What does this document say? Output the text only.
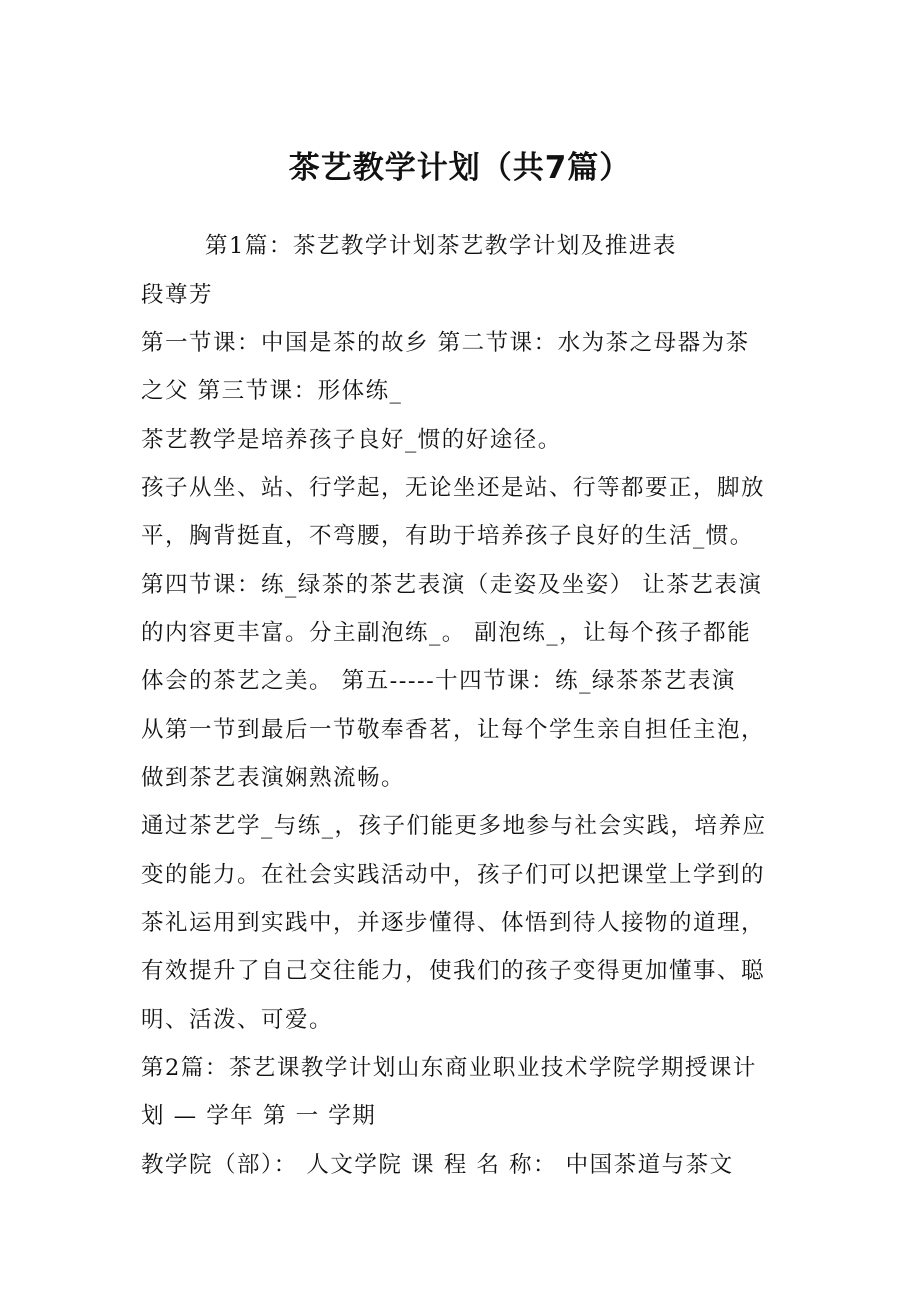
茶艺教学计划（共7篇）
第1篇：茶艺教学计划茶艺教学计划及推进表
段尊芳
第一节课：中国是茶的故乡 第二节课：水为茶之母器为茶
之父 第三节课：形体练_
茶艺教学是培养孩子良好_惯的好途径。
孩子从坐、站、行学起，无论坐还是站、行等都要正，脚放
平，胸背挺直，不弯腰，有助于培养孩子良好的生活_惯。
第四节课：练_绿茶的茶艺表演（走姿及坐姿） 让茶艺表演
的内容更丰富。分主副泡练_。 副泡练_，让每个孩子都能
体会的茶艺之美。 第五-----十四节课：练_绿茶茶艺表演
从第一节到最后一节敬奉香茗，让每个学生亲自担任主泡，
做到茶艺表演娴熟流畅。
通过茶艺学_与练_，孩子们能更多地参与社会实践，培养应
变的能力。在社会实践活动中，孩子们可以把课堂上学到的
茶礼运用到实践中，并逐步懂得、体悟到待人接物的道理，
有效提升了自己交往能力，使我们的孩子变得更加懂事、聪
明、活泼、可爱。
第2篇：茶艺课教学计划山东商业职业技术学院学期授课计
划 — 学年 第 一 学期
教学院（部）： 人文学院 课 程 名 称： 中国茶道与茶文
